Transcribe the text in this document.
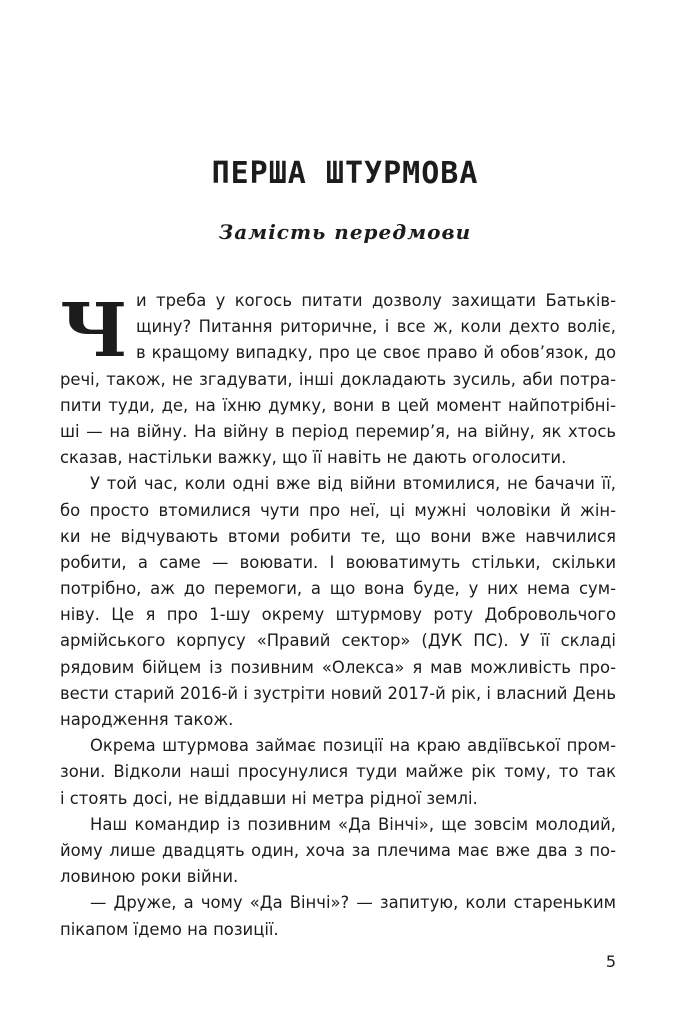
ПЕРША ШТУРМОВА
Замість передмови
Ч и треба у когось питати дозволу захищати Батьків-
щину? Питання риторичне, і все ж, коли дехто воліє,
в кращому випадку, про це своє право й обов’язок, до
речі, також, не згадувати, інші докладають зусиль, аби потра-
пити туди, де, на їхню думку, вони в цей момент найпотрібні-
ші — на війну. На війну в період перемир’я, на війну, як хтось
сказав, настільки важку, що її навіть не дають оголосити.
У той час, коли одні вже від війни втомилися, не бачачи її,
бо просто втомилися чути про неї, ці мужні чоловіки й жін-
ки не відчувають втоми робити те, що вони вже навчилися
робити, а саме — воювати. І воюватимуть стільки, скільки
потрібно, аж до перемоги, а що вона буде, у них нема сум-
ніву. Це я про 1-шу окрему штурмову роту Добровольчого
армійського корпусу «Правий сектор» (ДУК ПС). У її складі
рядовим бійцем із позивним «Олекса» я мав можливість про-
вести старий 2016-й і зустріти новий 2017-й рік, і власний День
народження також.
Окрема штурмова займає позиції на краю авдіївської пром-
зони. Відколи наші просунулися туди майже рік тому, то так
і стоять досі, не віддавши ні метра рідної землі.
Наш командир із позивним «Да Вінчі», ще зовсім молодий,
йому лише двадцять один, хоча за плечима має вже два з по-
ловиною роки війни.
— Друже, а чому «Да Вінчі»? — запитую, коли стареньким
пікапом їдемо на позиції.
5
